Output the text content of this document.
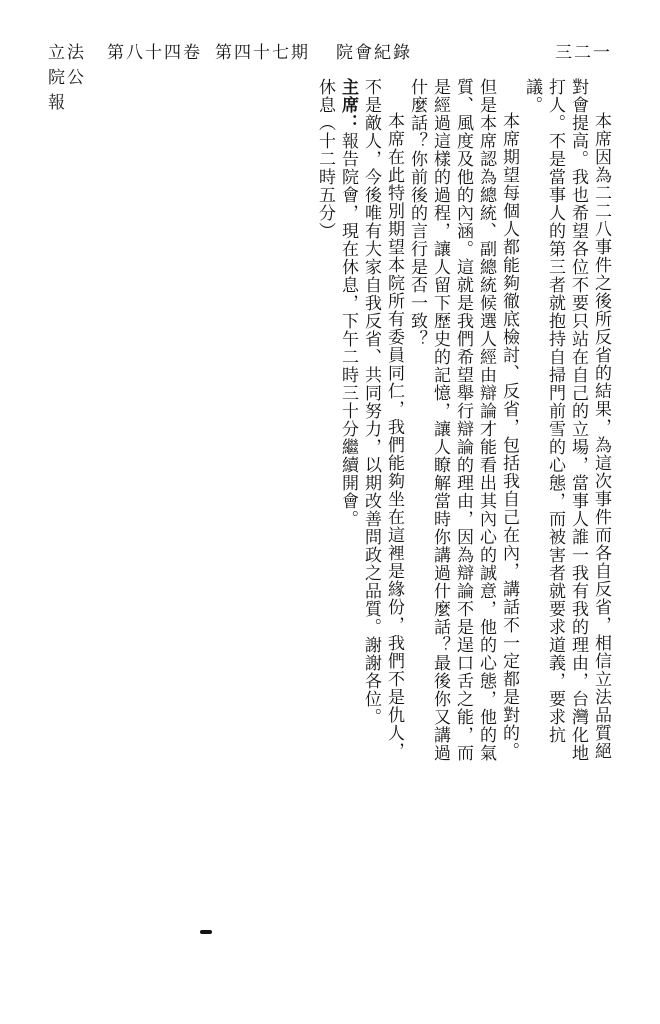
三二一
院會紀錄
第四十七期
第八十四卷
立法院公報

本席因為二二八事件之後所反省的結果，為這次事件而各自反省，相信立法品質絕對會提高。我也希望各位不要只站在自己的立場，當事人誰一我有我的理由，台灣化地打人。不是當事人的第三者就抱持自掃門前雪的心態，而被害者就要求道義，要求抗議。

本席期望每個人都能夠徹底檢討、反省，包括我自己在內，講話不一定都是對的。但是本席認為總統、副總統候選人經由辯論才能看出其內心的誠意，他的心態，他的氣質、風度及他的內涵。這就是我們希望舉行辯論的理由，因為辯論不是逞口舌之能，而是經過這樣的過程，讓人留下歷史的記憶，讓人瞭解當時你講過什麼話？最後你又講過什麼話？你前後的言行是否一致？

本席在此特別期望本院所有委員同仁，我們能夠坐在這裡是緣份，我們不是仇人，不是敵人，今後唯有大家自我反省、共同努力，以期改善問政之品質。謝謝各位。

主席：報告院會，現在休息，下午二時三十分繼續開會。

休息（十二時五分）
